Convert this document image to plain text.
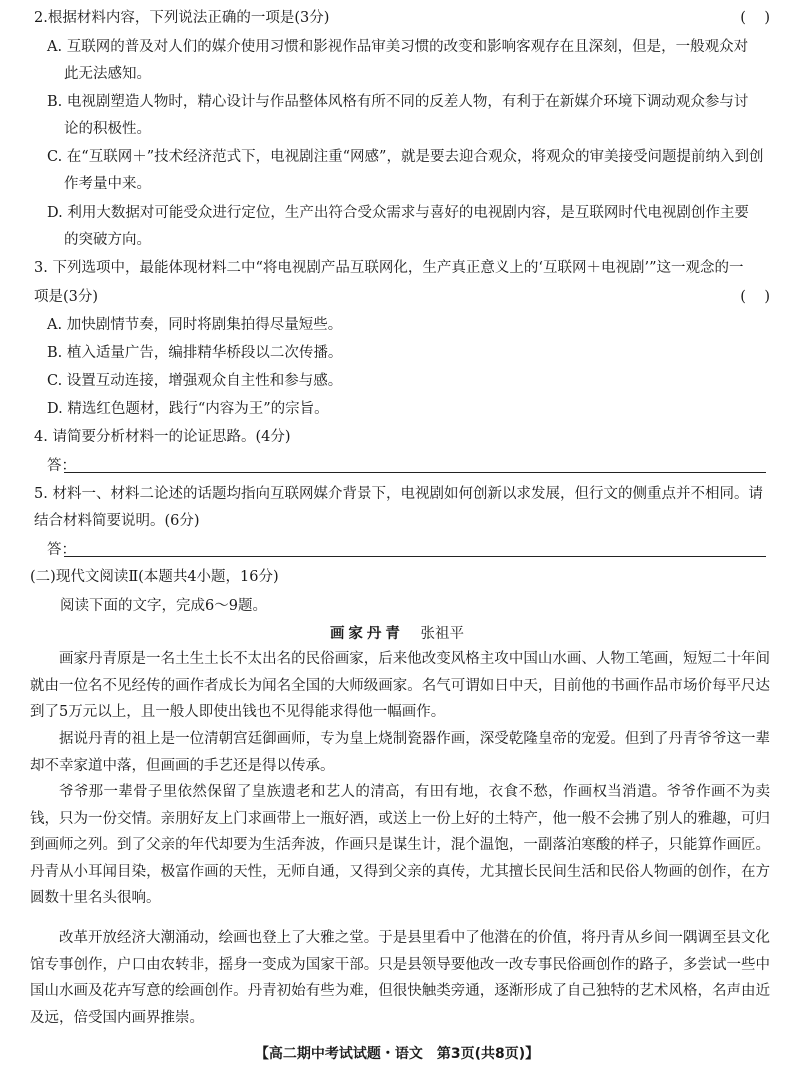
2.根据材料内容，下列说法正确的一项是(3分)	(    )
A. 互联网的普及对人们的媒介使用习惯和影视作品审美习惯的改变和影响客观存在且深刻，但是，一般观众对
此无法感知。
B. 电视剧塑造人物时，精心设计与作品整体风格有所不同的反差人物，有利于在新媒介环境下调动观众参与讨
论的积极性。
C. 在“互联网＋”技术经济范式下，电视剧注重“网感”，就是要去迎合观众，将观众的审美接受问题提前纳入到创
作考量中来。
D. 利用大数据对可能受众进行定位，生产出符合受众需求与喜好的电视剧内容，是互联网时代电视剧创作主要
的突破方向。
3. 下列选项中，最能体现材料二中“将电视剧产品互联网化，生产真正意义上的‘互联网＋电视剧’”这一观念的一
项是(3分)	(    )
A. 加快剧情节奏，同时将剧集拍得尽量短些。
B. 植入适量广告，编排精华桥段以二次传播。
C. 设置互动连接，增强观众自主性和参与感。
D. 精选红色题材，践行“内容为王”的宗旨。
4. 请简要分析材料一的论证思路。(4分)
答：
5. 材料一、材料二论述的话题均指向互联网媒介背景下，电视剧如何创新以求发展，但行文的侧重点并不相同。请
结合材料简要说明。(6分)
答：
(二)现代文阅读Ⅱ(本题共4小题，16分)
阅读下面的文字，完成6～9题。
画家丹青 张祖平
画家丹青原是一名土生土长不太出名的民俗画家，后来他改变风格主攻中国山水画、人物工笔画，短短二十年间就由一位名不见经传的画作者成长为闻名全国的大师级画家。名气可谓如日中天，目前他的书画作品市场价每平尺达到了5万元以上，且一般人即使出钱也不见得能求得他一幅画作。
据说丹青的祖上是一位清朝宫廷御画师，专为皇上烧制瓷器作画，深受乾隆皇帝的宠爱。但到了丹青爷爷这一辈却不幸家道中落，但画画的手艺还是得以传承。
爷爷那一辈骨子里依然保留了皇族遗老和艺人的清高，有田有地，衣食不愁，作画权当消遣。爷爷作画不为卖钱，只为一份交情。亲朋好友上门求画带上一瓶好酒，或送上一份上好的土特产，他一般不会拂了别人的雅趣，可归到画师之列。到了父亲的年代却要为生活奔波，作画只是谋生计，混个温饱，一副落泊寒酸的样子，只能算作画匠。丹青从小耳闻目染，极富作画的天性，无师自通，又得到父亲的真传，尤其擅长民间生活和民俗人物画的创作，在方圆数十里名头很响。
改革开放经济大潮涌动，绘画也登上了大雅之堂。于是县里看中了他潜在的价值，将丹青从乡间一隅调至县文化馆专事创作，户口由农转非，摇身一变成为国家干部。只是县领导要他改一改专事民俗画创作的路子，多尝试一些中国山水画及花卉写意的绘画创作。丹青初始有些为难，但很快触类旁通，逐渐形成了自己独特的艺术风格，名声由近及远，倍受国内画界推崇。
【高二期中考试试题・语文　第3页(共8页)】
